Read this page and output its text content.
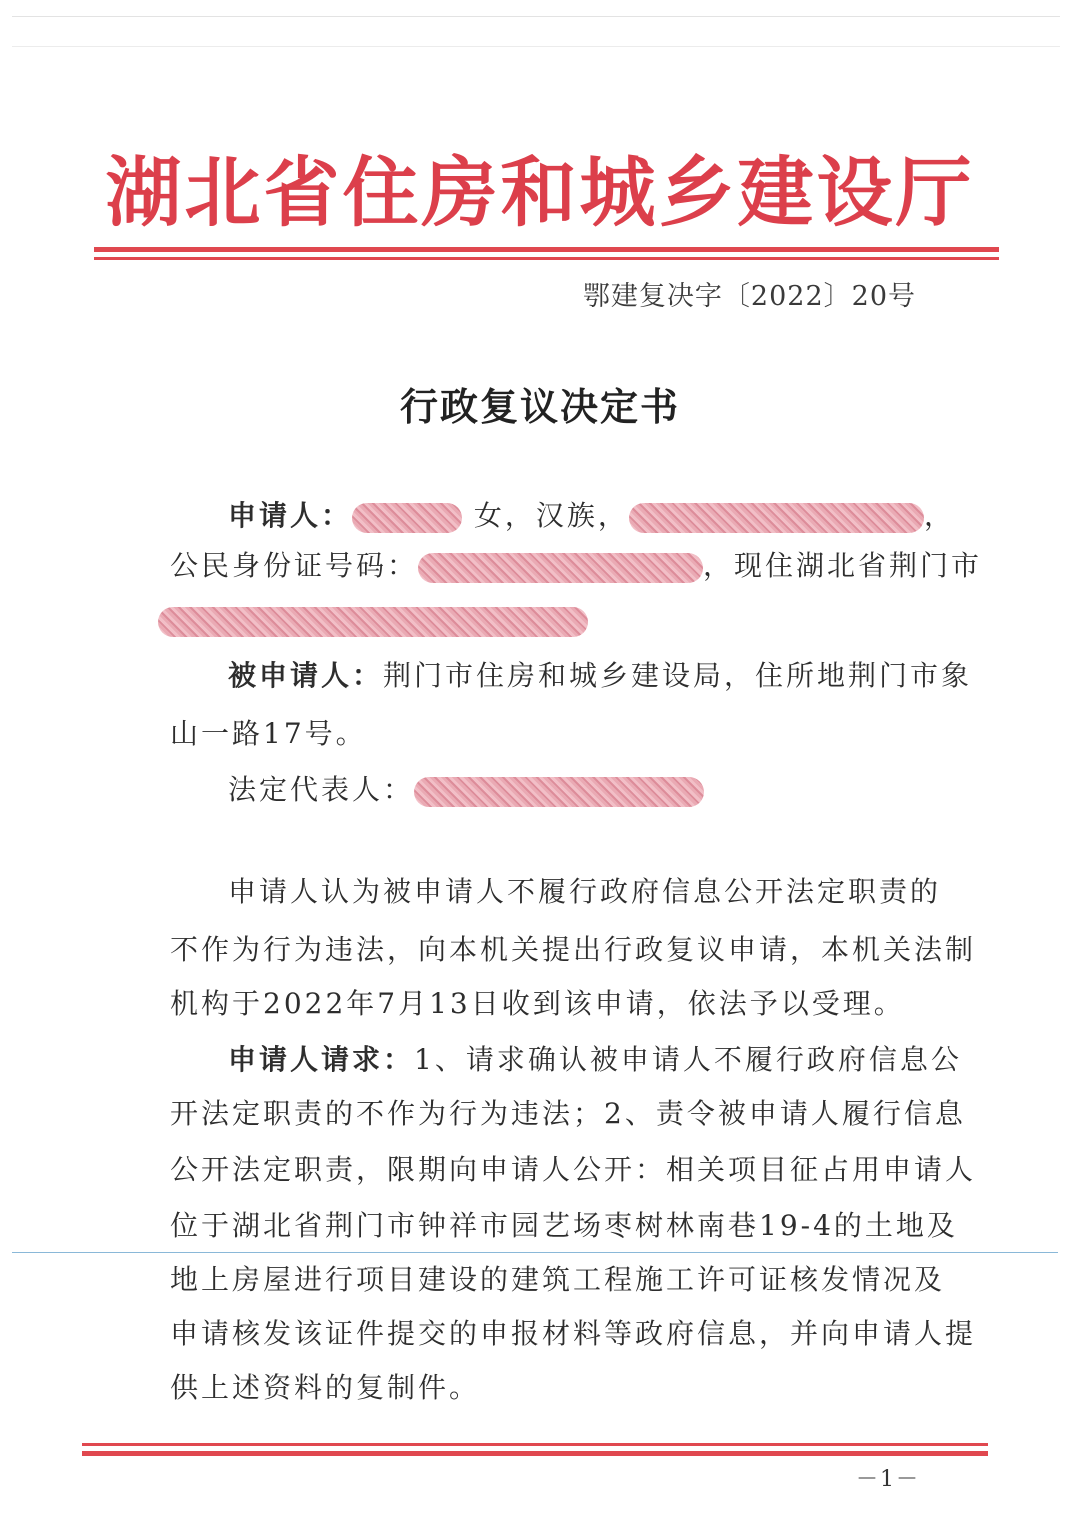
湖北省住房和城乡建设厅
鄂建复决字〔2022〕20号
行政复议决定书
申请人：	女，汉族，	，
公民身份证号码：	，现住湖北省荆门市
被申请人：荆门市住房和城乡建设局，住所地荆门市象
山一路17号。
法定代表人：
申请人认为被申请人不履行政府信息公开法定职责的
不作为行为违法，向本机关提出行政复议申请，本机关法制
机构于2022年7月13日收到该申请，依法予以受理。
申请人请求：1、请求确认被申请人不履行政府信息公
开法定职责的不作为行为违法；2、责令被申请人履行信息
公开法定职责，限期向申请人公开：相关项目征占用申请人
位于湖北省荆门市钟祥市园艺场枣树林南巷19-4的土地及
地上房屋进行项目建设的建筑工程施工许可证核发情况及
申请核发该证件提交的申报材料等政府信息，并向申请人提
供上述资料的复制件。
－1－
